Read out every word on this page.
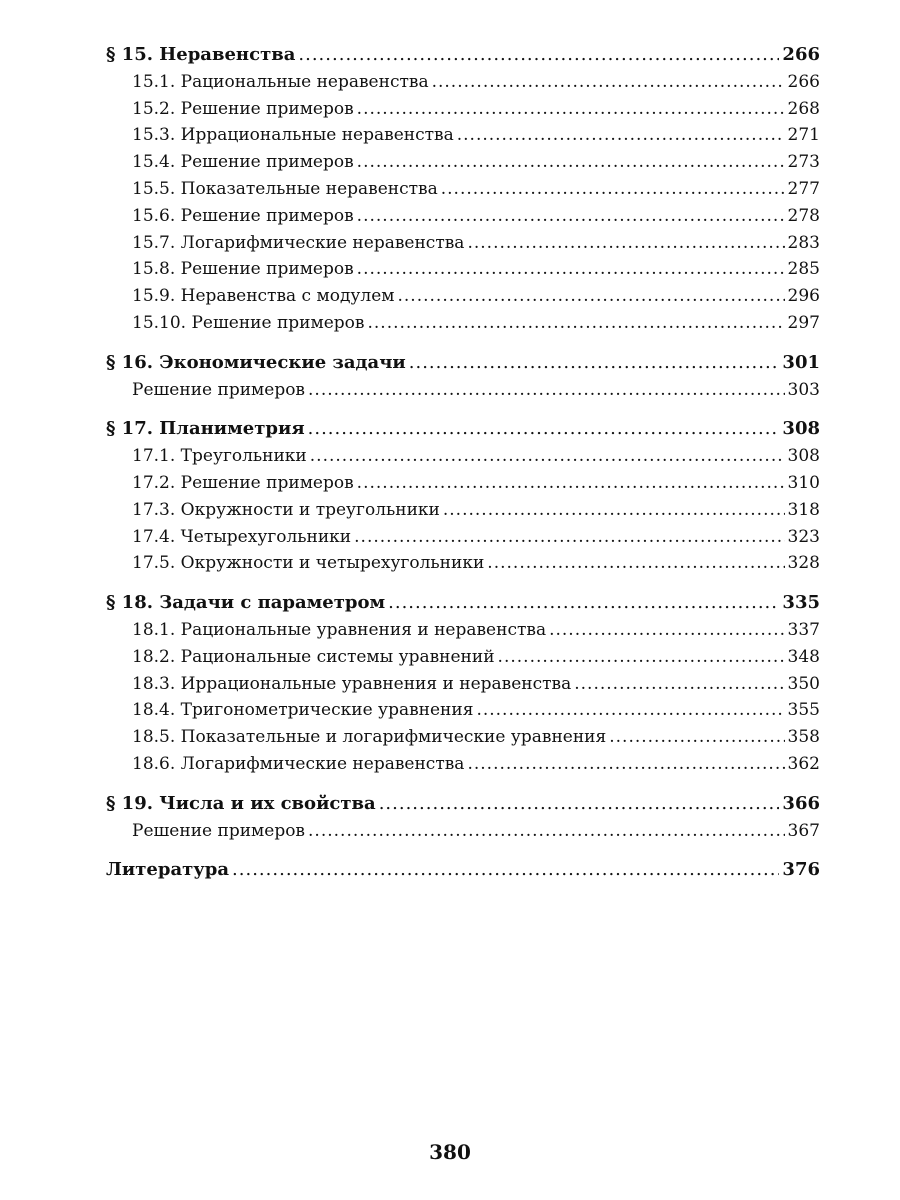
§ 15. Неравенства .....	266
15.1. Рациональные неравенства .....	266
15.2. Решение примеров .....	268
15.3. Иррациональные неравенства .....	271
15.4. Решение примеров .....	273
15.5. Показательные неравенства .....	277
15.6. Решение примеров .....	278
15.7. Логарифмические неравенства .....	283
15.8. Решение примеров .....	285
15.9. Неравенства с модулем .....	296
15.10. Решение примеров .....	297
§ 16. Экономические задачи .....	301
Решение примеров .....	303
§ 17. Планиметрия .....	308
17.1. Треугольники .....	308
17.2. Решение примеров .....	310
17.3. Окружности и треугольники .....	318
17.4. Четырехугольники .....	323
17.5. Окружности и четырехугольники .....	328
§ 18. Задачи с параметром .....	335
18.1. Рациональные уравнения и неравенства .....	337
18.2. Рациональные системы уравнений .....	348
18.3. Иррациональные уравнения и неравенства .....	350
18.4. Тригонометрические уравнения .....	355
18.5. Показательные и логарифмические уравнения .....	358
18.6. Логарифмические неравенства .....	362
§ 19. Числа и их свойства .....	366
Решение примеров .....	367
Литература .....	376
380
